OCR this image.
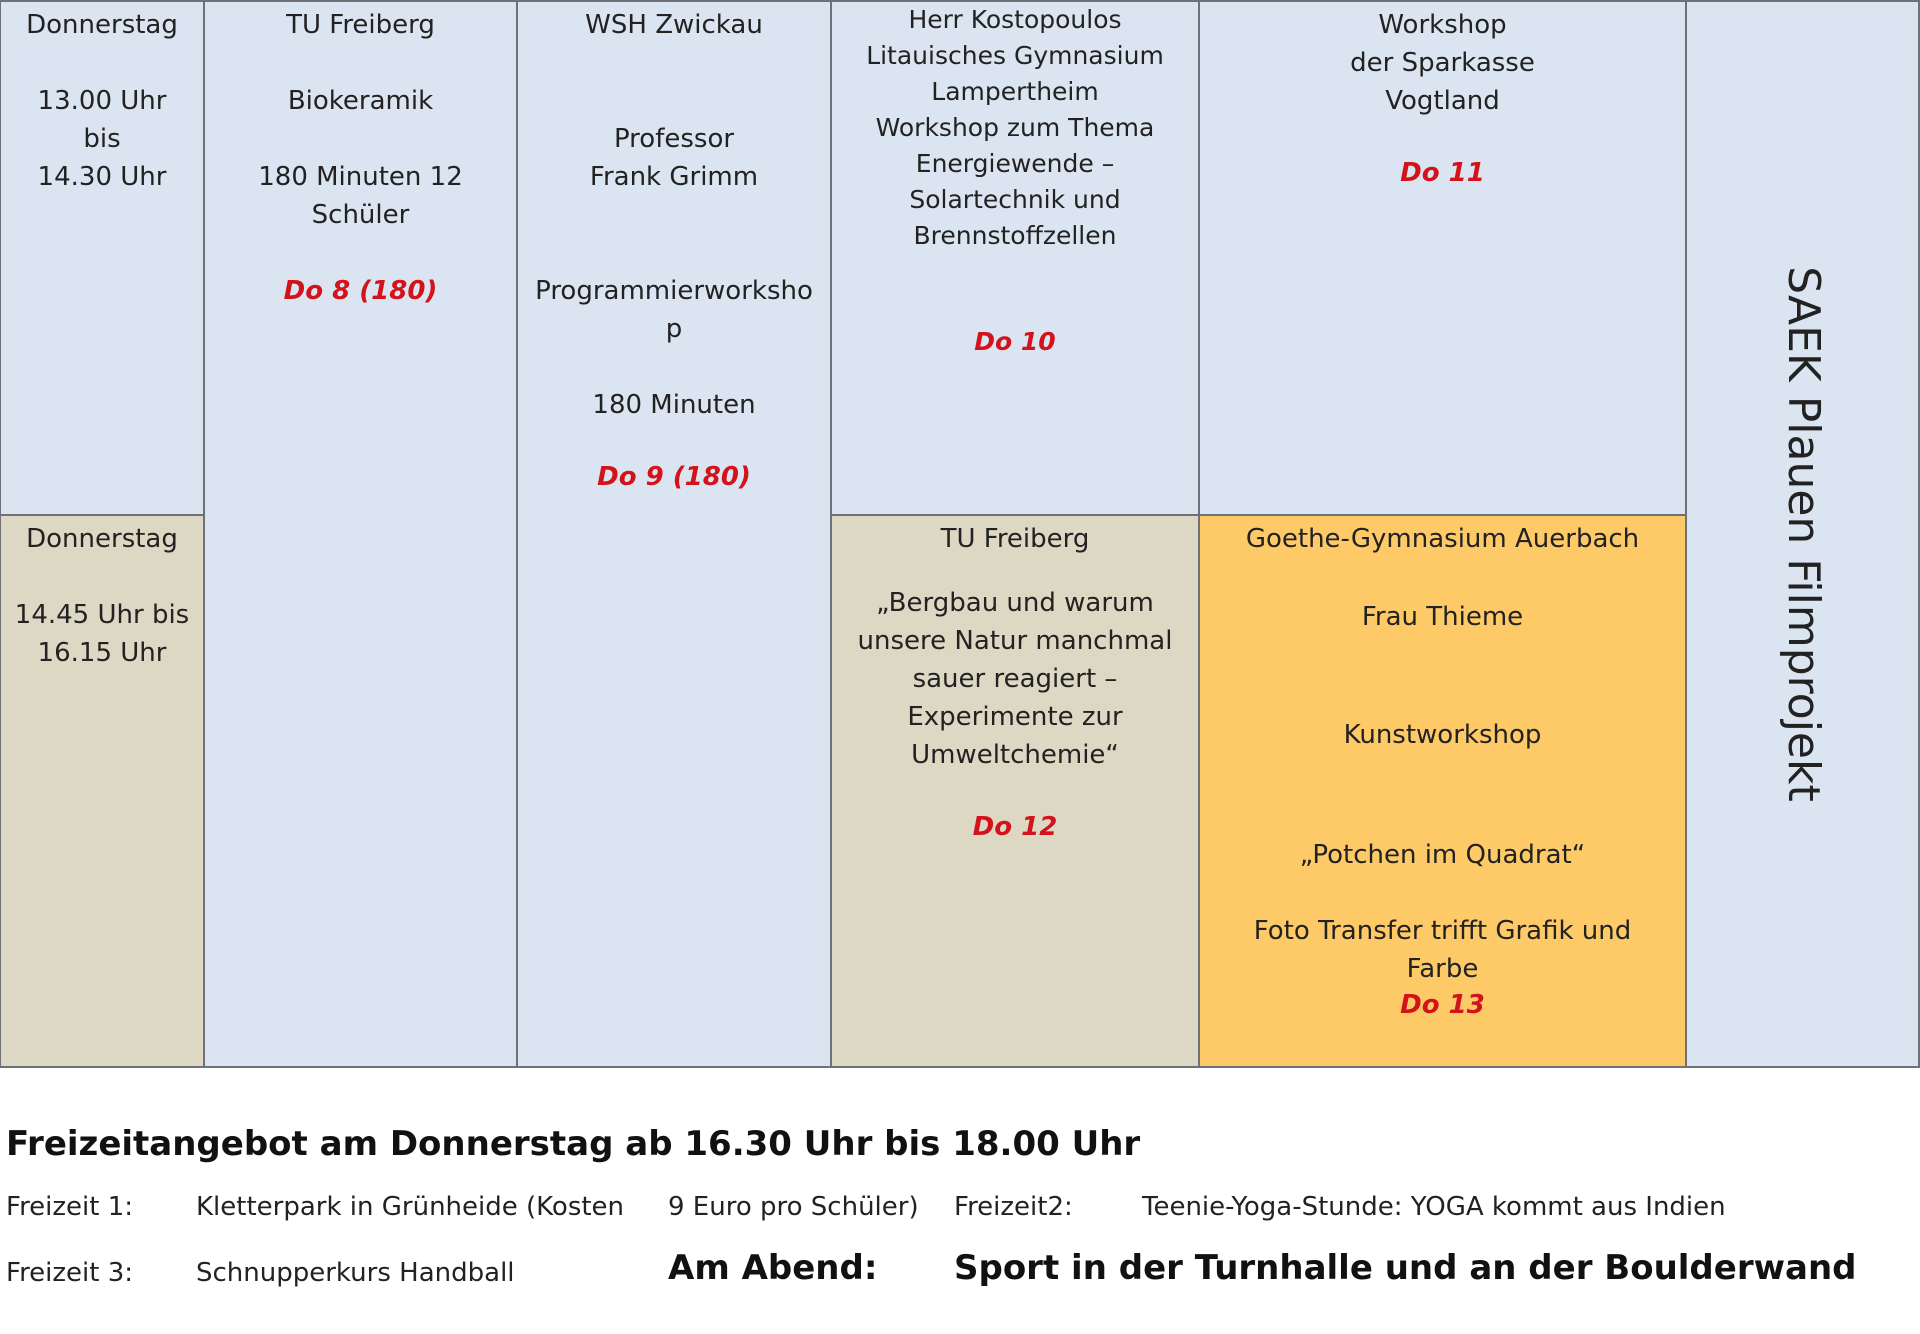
Donnerstag
13.00 Uhr
bis
14.30 Uhr
Donnerstag
14.45 Uhr bis
16.15 Uhr
TU Freiberg
Biokeramik
180 Minuten 12
Schüler
Do 8 (180)
WSH Zwickau
Professor
Frank Grimm
Programmierworksho
p
180 Minuten
Do 9 (180)
Herr Kostopoulos
Litauisches Gymnasium
Lampertheim
Workshop zum Thema
Energiewende –
Solartechnik und
Brennstoffzellen
Do 10
TU Freiberg
„Bergbau und warum
unsere Natur manchmal
sauer reagiert –
Experimente zur
Umweltchemie“
Do 12
Workshop
der Sparkasse
Vogtland
Do 11
Goethe-Gymnasium Auerbach
Frau Thieme
Kunstworkshop
„Potchen im Quadrat“
Foto Transfer trifft Grafik und
Farbe
Do 13
SAEK Plauen Filmprojekt
Freizeitangebot am Donnerstag ab 16.30 Uhr bis 18.00 Uhr
Freizeit 1: Kletterpark in Grünheide (Kosten 9 Euro pro Schüler) Freizeit2:	Teenie-Yoga-Stunde: YOGA kommt aus Indien
Freizeit 3: Schnupperkurs Handball	Am Abend: Sport in der Turnhalle und an der Boulderwand
